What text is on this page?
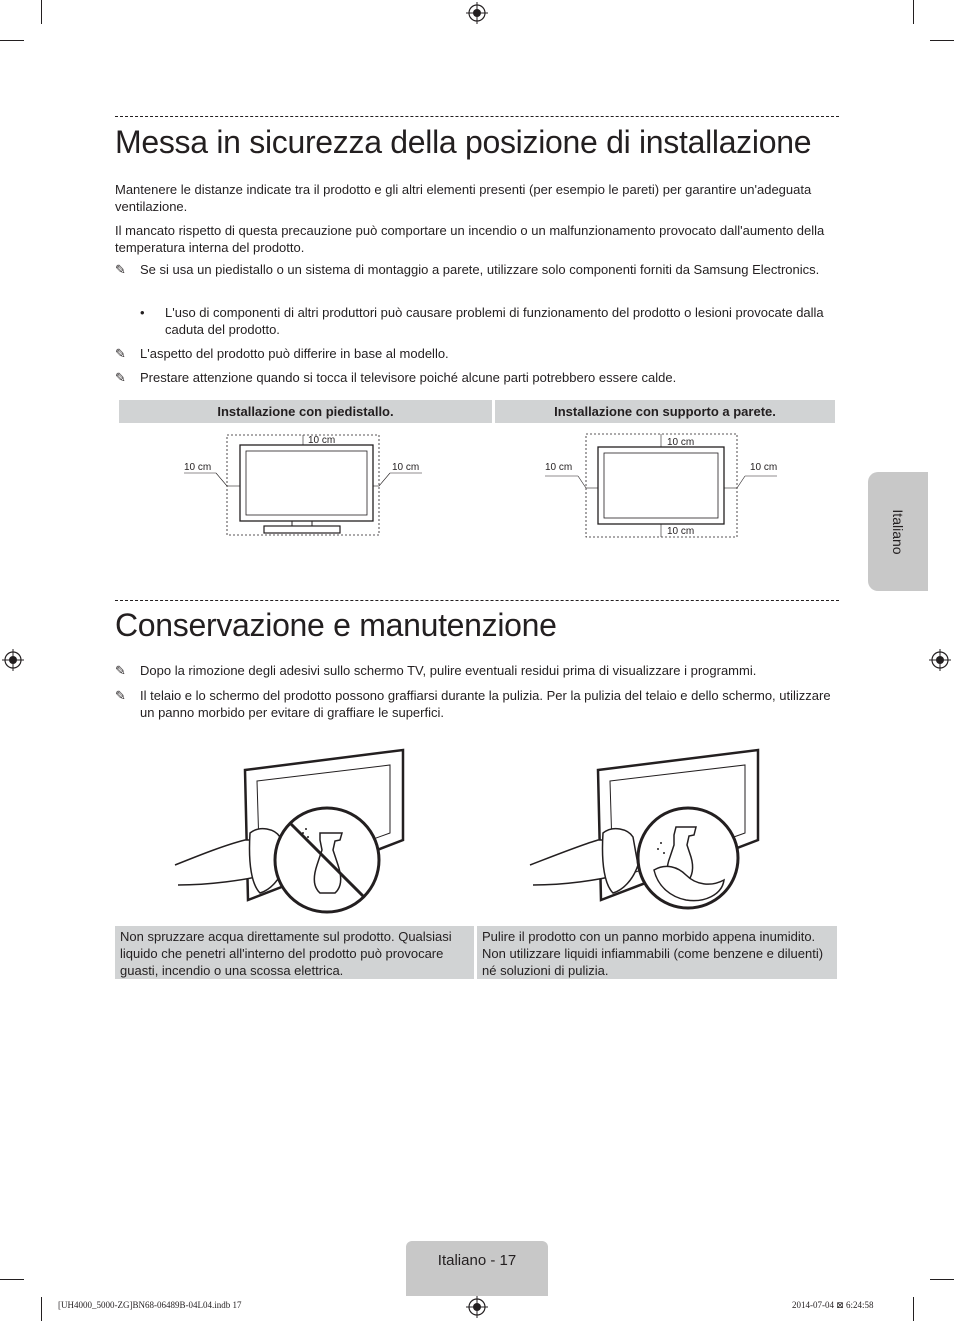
Messa in sicurezza della posizione di installazione

Mantenere le distanze indicate tra il prodotto e gli altri elementi presenti (per esempio le pareti) per garantire un'adeguata ventilazione.

Il mancato rispetto di questa precauzione può comportare un incendio o un malfunzionamento provocato dall'aumento della temperatura interna del prodotto.

✎	Se si usa un piedistallo o un sistema di montaggio a parete, utilizzare solo componenti forniti da Samsung Electronics.
• L'uso di componenti di altri produttori può causare problemi di funzionamento del prodotto o lesioni provocate dalla caduta del prodotto.
✎	L'aspetto del prodotto può differire in base al modello.
✎	Prestare attenzione quando si tocca il televisore poiché alcune parti potrebbero essere calde.
Installazione con piedistallo.	Installazione con supporto a parete.
10 cm	10 cm
10 cm
10 cm	10 cm
10 cm
10 cm
Conservazione e manutenzione
✎	Dopo la rimozione degli adesivi sullo schermo TV, pulire eventuali residui prima di visualizzare i programmi.
✎	Il telaio e lo schermo del prodotto possono graffiarsi durante la pulizia. Per la pulizia del telaio e dello schermo, utilizzare un panno morbido per evitare di graffiare le superfici.
Non spruzzare acqua direttamente sul prodotto. Qualsiasi liquido che penetri all'interno del prodotto può provocare guasti, incendio o una scossa elettrica.
Pulire il prodotto con un panno morbido appena inumidito. Non utilizzare liquidi infiammabili (come benzene e diluenti) né soluzioni di pulizia.
Italiano
Italiano - 17
[UH4000_5000-ZG]BN68-06489B-04L04.indb 17	2014-07-04 ⊠ 6:24:58
